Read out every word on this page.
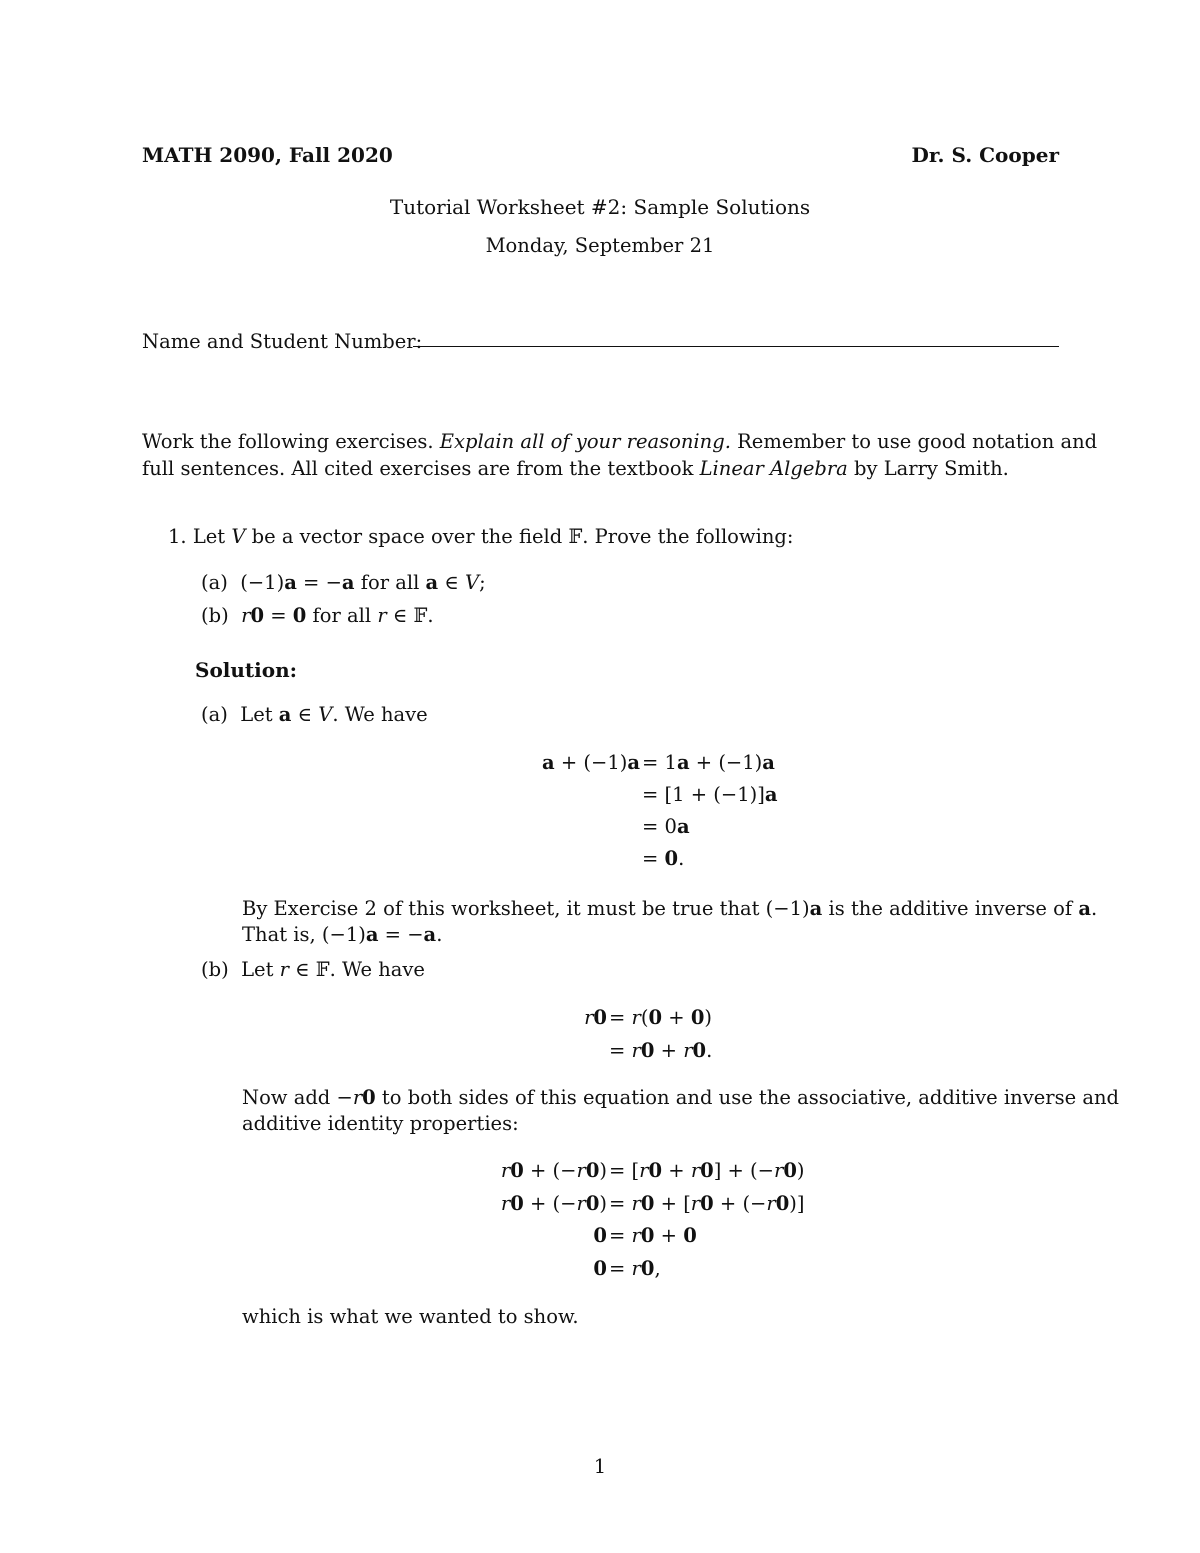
MATH 2090, Fall 2020	Dr. S. Cooper
Tutorial Worksheet #2: Sample Solutions
Monday, September 21
Name and Student Number:
Work the following exercises. Explain all of your reasoning. Remember to use good notation and
full sentences. All cited exercises are from the textbook Linear Algebra by Larry Smith.
1. Let V be a vector space over the field 𝔽. Prove the following:
(a)  (−1)a = −a for all a ∈ V;
(b) r0 = 0 for all r ∈ 𝔽.
Solution:
(a) Let a ∈ V. We have
a + (−1)a = 1a + (−1)a
= [1 + (−1)]a
= 0a
= 0.
By Exercise 2 of this worksheet, it must be true that (−1)a is the additive inverse of a.
That is, (−1)a = −a.
(b)  Let r ∈ 𝔽. We have
r0 = r(0 + 0)
= r0 + r0.
Now add −r0 to both sides of this equation and use the associative, additive inverse and
additive identity properties:
r0 + (−r0) = [r0 + r0] + (−r0)
r0 + (−r0) = r0 + [r0 + (−r0)]
0 = r0 + 0
0 = r0,
which is what we wanted to show.
1
